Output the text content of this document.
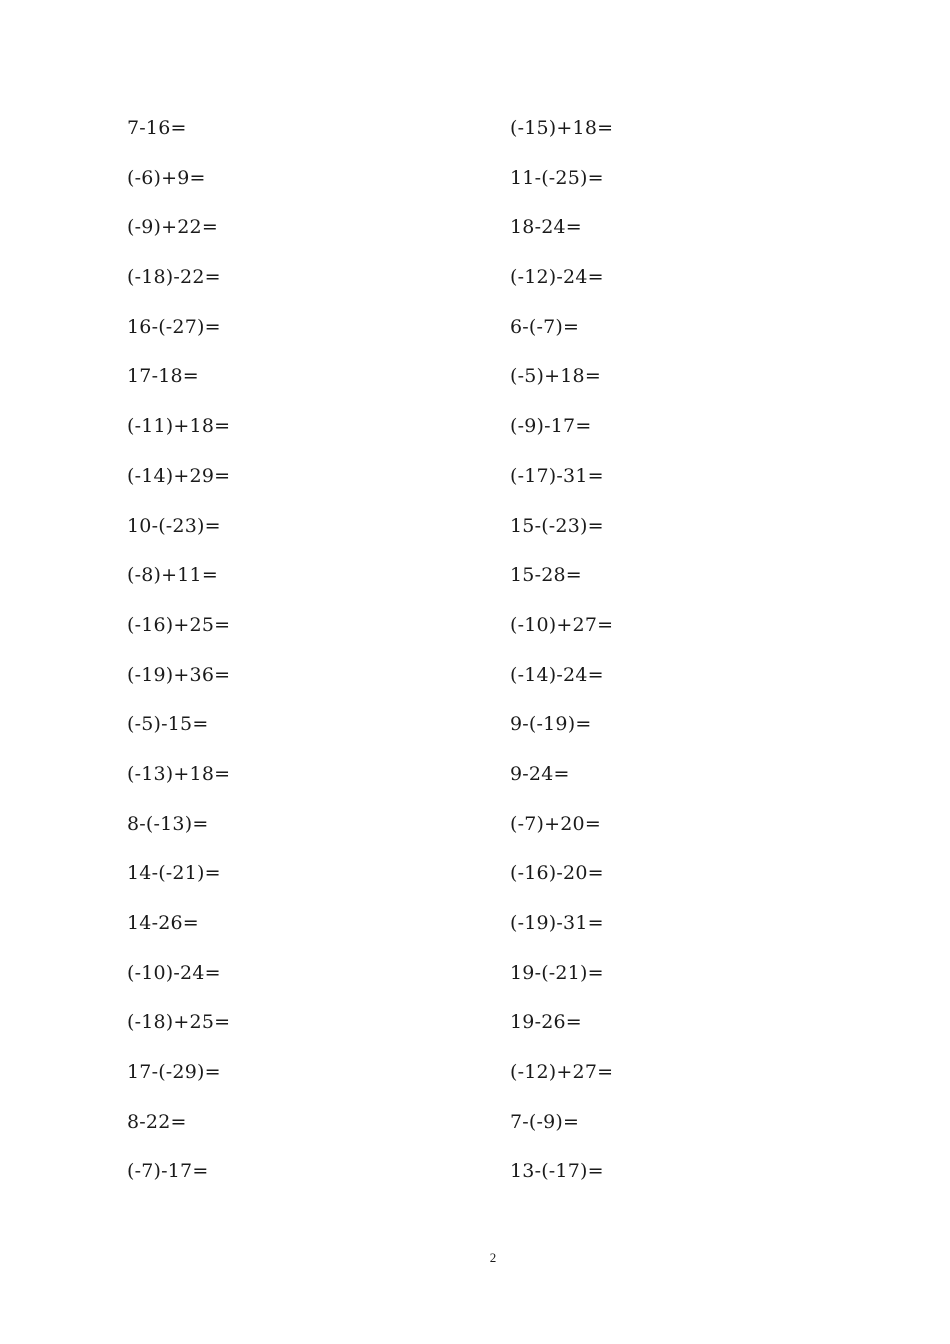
7-16=
(-6)+9=
(-9)+22=
(-18)-22=
16-(-27)=
17-18=
(-11)+18=
(-14)+29=
10-(-23)=
(-8)+11=
(-16)+25=
(-19)+36=
(-5)-15=
(-13)+18=
8-(-13)=
14-(-21)=
14-26=
(-10)-24=
(-18)+25=
17-(-29)=
8-22=
(-7)-17=
(-15)+18=
11-(-25)=
18-24=
(-12)-24=
6-(-7)=
(-5)+18=
(-9)-17=
(-17)-31=
15-(-23)=
15-28=
(-10)+27=
(-14)-24=
9-(-19)=
9-24=
(-7)+20=
(-16)-20=
(-19)-31=
19-(-21)=
19-26=
(-12)+27=
7-(-9)=
13-(-17)=
2
